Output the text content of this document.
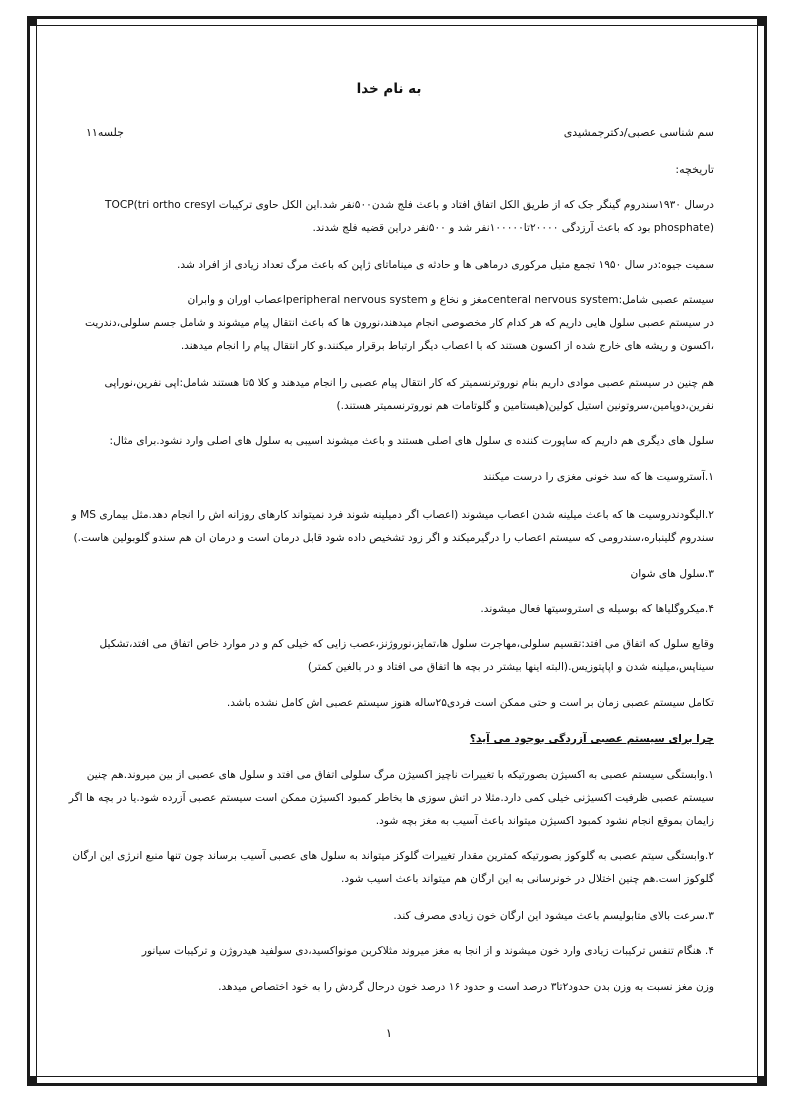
به نام خدا
سم شناسی عصبی/دکترجمشیدی
جلسه۱۱
تاریخچه:

درسال ۱۹۳۰سندروم گینگر جک که از طریق الکل اتفاق افتاد و باعث فلج شدن۵۰۰نفر شد.این الکل حاوی ترکیبات TOCP(tri ortho cresyl phosphate) بود که باعث آرزدگی ۲۰۰۰۰تا۱۰۰۰۰۰نفر شد و ۵۰۰نفر دراین قضیه فلج شدند.

سمیت جیوه:در سال ۱۹۵۰ تجمع متیل مرکوری درماهی ها و حادثه ی میناماتای ژاپن که باعث مرگ تعداد زیادی از افراد شد.

سیستم عصبی شامل:centeral nervous systemمغز و نخاع و peripheral nervous systemاعصاب اوران و وابران
در سیستم عصبی سلول هایی داریم که هر کدام کار مخصوصی انجام میدهند،نورون ها که باعث انتقال پیام میشوند و شامل جسم سلولی،دندریت ،اکسون و ریشه های خارج شده از اکسون هستند که با اعصاب دیگر ارتباط برقرار میکنند.و کار انتقال پیام را انجام میدهند.

هم چنین در سیستم عصبی موادی داریم بنام نوروترنسمیتر که کار انتقال پیام عصبی را انجام میدهند و کلا ۵تا هستند شامل:اپی نفرین،نوراپی نفرین،دوپامین،سروتونین استیل کولین(هیستامین و گلوتامات هم نوروترنسمیتر هستند.)

سلول های دیگری هم داریم که ساپورت کننده ی سلول های اصلی هستند و باعث میشوند اسیبی به سلول های اصلی وارد نشود.برای مثال:

۱.آستروسیت ها که سد خونی مغزی را درست میکنند

۲.الیگودندروسیت ها که باعث میلینه شدن اعصاب میشوند (اعصاب اگر دمیلینه شوند فرد نمیتواند کارهای روزانه اش را انجام دهد.مثل بیماری MS و سندروم گلینباره،سندرومی که سیستم اعصاب را درگیرمیکند و اگر زود تشخیص داده شود قابل درمان است و درمان ان هم سندو گلوبولین هاست.)

۳.سلول های شوان

۴.میکروگلیاها که بوسیله ی استروسیتها فعال میشوند.

وقایع سلول که اتفاق می افتد:تقسیم سلولی،مهاجرت سلول ها،تمایز،نوروژنز،عصب زایی که خیلی کم و در موارد خاص اتفاق می افتد،تشکیل سیناپس،میلینه شدن و اپاپتوزیس.(البته اینها بیشتر در بچه ها اتفاق می افتاد و در بالغین کمتر)

تکامل سیستم عصبی زمان بر است و حتی ممکن است فردی۲۵ساله هنوز سیستم عصبی اش کامل نشده باشد.

چرا برای سیستم عصبی آزردگی بوجود می آید؟

۱.وابستگی سیستم عصبی به اکسیژن بصورتیکه با تغییرات ناچیز اکسیژن مرگ سلولی اتفاق می افتد و سلول های عصبی از بین میروند.هم چنین سیستم عصبی ظرفیت اکسیژنی خیلی کمی دارد.مثلا در اتش سوزی ها بخاطر کمبود اکسیژن ممکن است سیستم عصبی آزرده شود.یا در بچه ها اگر زایمان بموقع انجام نشود کمبود اکسیژن میتواند باعث آسیب به مغز بچه شود.

۲.وابستگی سیتم عصبی به گلوکوز بصورتیکه کمترین مقدار تغییرات گلوکز میتواند به سلول های عصبی آسیب برساند چون تنها منبع انرژی این ارگان گلوکوز است.هم چنین اختلال در خونرسانی به این ارگان هم میتواند باعث اسیب شود.

۳.سرعت بالای متابولیسم باعث میشود این ارگان خون زیادی مصرف کند.

۴. هنگام تنفس ترکیبات زیادی وارد خون میشوند و از انجا به مغز میروند مثلاکربن مونواکسید،دی سولفید هیدروژن و ترکیبات سیانور

وزن مغز نسبت به وزن بدن حدود۲تا۳ درصد است و حدود ۱۶ درصد خون درحال گردش را به خود اختصاص میدهد.

۱
